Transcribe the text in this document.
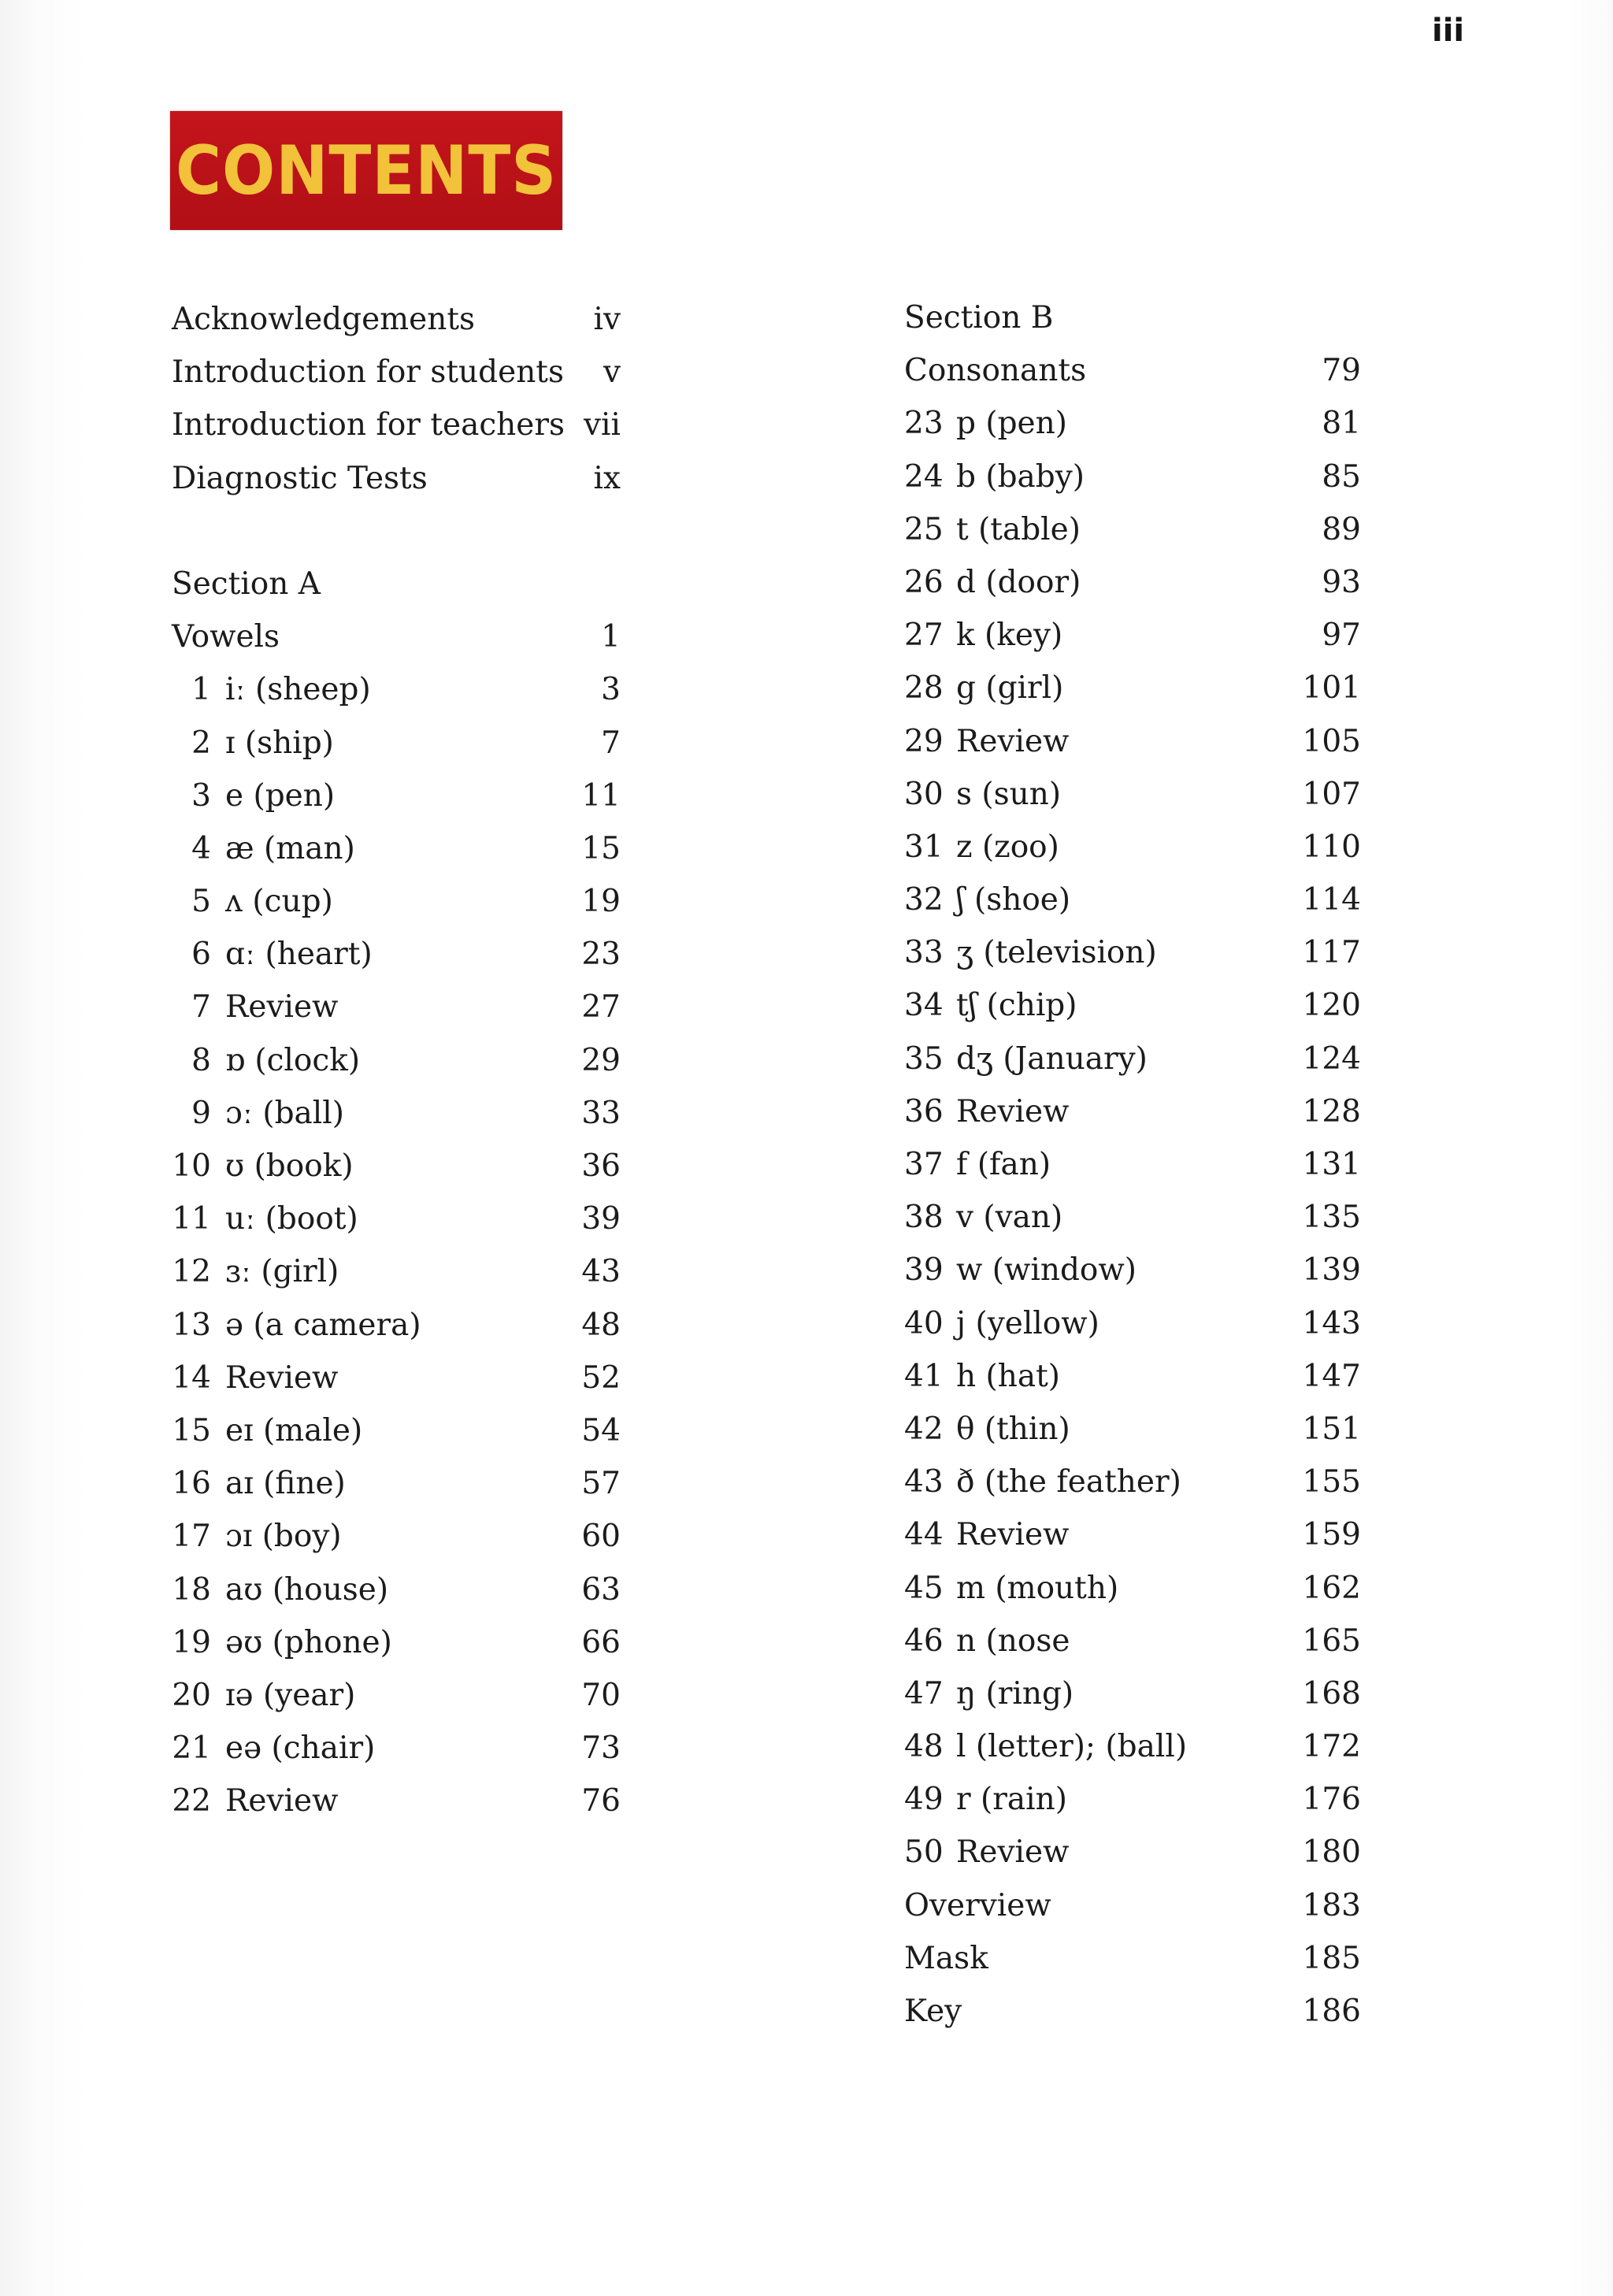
iii
CONTENTS
Acknowledgements	iv
Introduction for students v
Introduction for teachers vii
Diagnostic Tests	ix
Section A
Vowels	1
1 iː (sheep)	3
2 ɪ (ship)	7
3 e (pen)	11
4 æ (man)	15
5 ʌ (cup)	19
6 ɑː (heart)	23
7 Review	27
8 ɒ (clock)	29
9 ɔː (ball)	33
10 ʊ (book)	36
11 uː (boot)	39
12 ɜː (girl)	43
13 ə (a camera)	48
14 Review	52
15 eɪ (male)	54
16 aɪ (fine)	57
17 ɔɪ (boy)	60
18 aʊ (house)	63
19 əʊ (phone)	66
20 ɪə (year)	70
21 eə (chair)	73
22 Review	76
Section B
Consonants	79
23 p (pen)	81
24 b (baby)	85
25 t (table)	89
26 d (door)	93
27 k (key)	97
28 g (girl)	101
29 Review	105
30 s (sun)	107
31 z (zoo)	110
32 ʃ (shoe)	114
33 ʒ (television)	117
34 tʃ (chip)	120
35 dʒ (January)	124
36 Review	128
37 f (fan)	131
38 v (van)	135
39 w (window)	139
40 j (yellow)	143
41 h (hat)	147
42 θ (thin)	151
43 ð (the feather)	155
44 Review	159
45 m (mouth)	162
46 n (nose	165
47 ŋ (ring)	168
48 l (letter); (ball)	172
49 r (rain)	176
50 Review	180
Overview	183
Mask	185
Key	186
